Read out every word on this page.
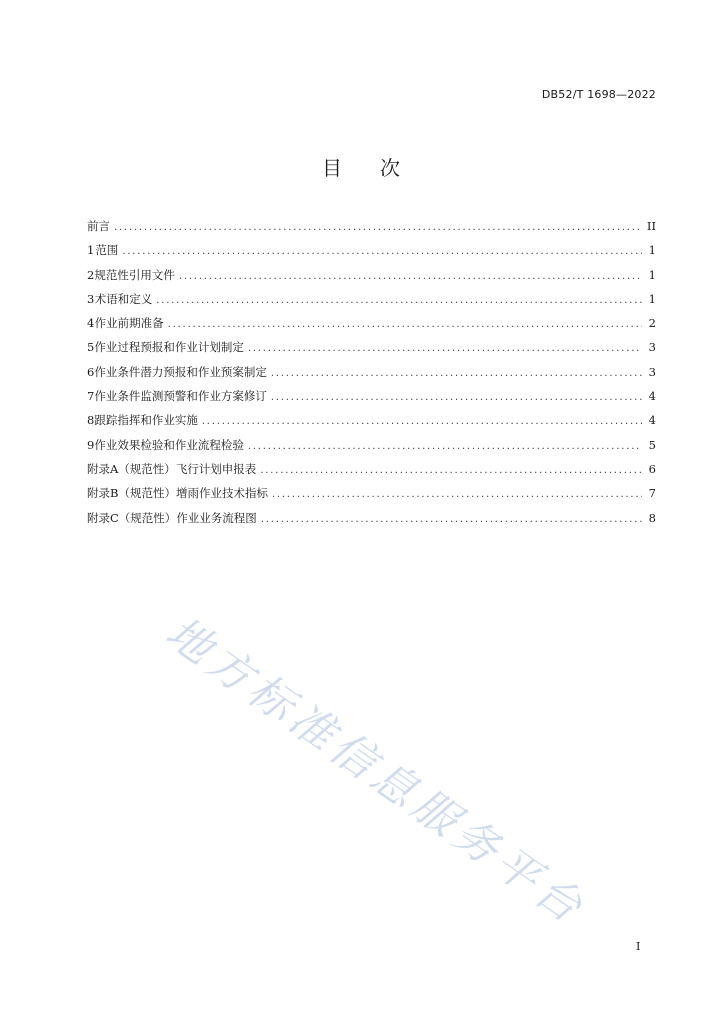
DB52/T 1698—2022
目 次
前言 .....	II
1 范围 .....	1
2 规范性引用文件 .....	1
3 术语和定义 .....	1
4 作业前期准备 .....	2
5 作业过程预报和作业计划制定 .....	3
6 作业条件潜力预报和作业预案制定 .....	3
7 作业条件监测预警和作业方案修订 .....	4
8 跟踪指挥和作业实施 .....	4
9 作业效果检验和作业流程检验 .....	5
附录A（规范性） 飞行计划申报表 .....	6
附录B（规范性） 增雨作业技术指标 .....	7
附录C（规范性） 作业业务流程图 .....	8
地方标准信息服务平台
I
